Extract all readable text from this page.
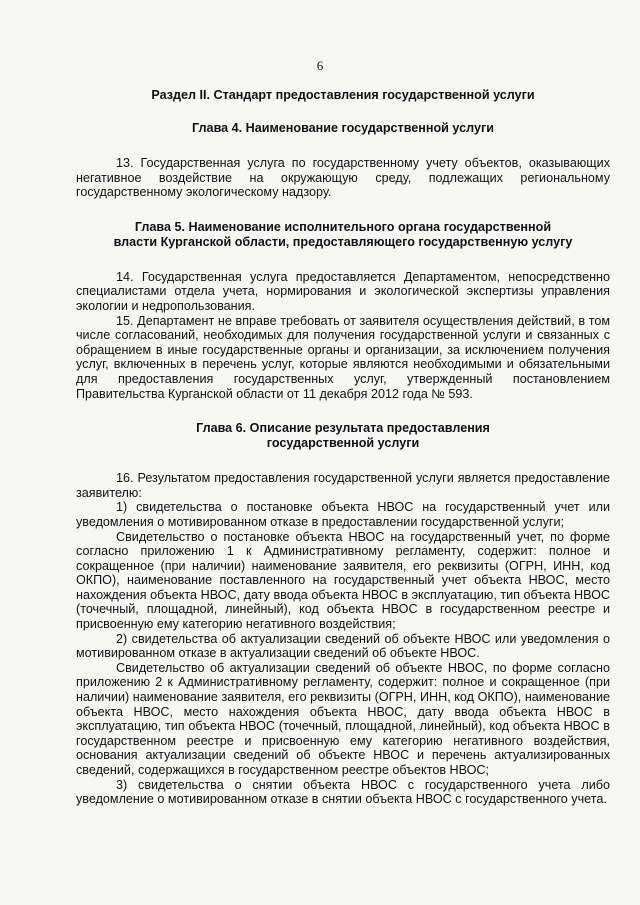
6

Раздел II. Стандарт предоставления государственной услуги

Глава 4. Наименование государственной услуги

13. Государственная услуга по государственному учету объектов, оказывающих негативное воздействие на окружающую среду, подлежащих региональному государственному экологическому надзору.

Глава 5. Наименование исполнительного органа государственной

власти Курганской области, предоставляющего государственную услугу

14. Государственная услуга предоставляется Департаментом, непосредственно специалистами отдела учета, нормирования и экологической экспертизы управления экологии и недропользования.

15. Департамент не вправе требовать от заявителя осуществления действий, в том числе согласований, необходимых для получения государственной услуги и связанных с обращением в иные государственные органы и организации, за исключением получения услуг, включенных в перечень услуг, которые являются необходимыми и обязательными для предоставления государственных услуг, утвержденный постановлением Правительства Курганской области от 11 декабря 2012 года № 593.

Глава 6. Описание результата предоставления

государственной услуги

16. Результатом предоставления государственной услуги является предоставление заявителю:

1) свидетельства о постановке объекта НВОС на государственный учет или уведомления о мотивированном отказе в предоставлении государственной услуги;

Свидетельство о постановке объекта НВОС на государственный учет, по форме согласно приложению 1 к Административному регламенту, содержит: полное и сокращенное (при наличии) наименование заявителя, его реквизиты (ОГРН, ИНН, код ОКПО), наименование поставленного на государственный учет объекта НВОС, место нахождения объекта НВОС, дату ввода объекта НВОС в эксплуатацию, тип объекта НВОС (точечный, площадной, линейный), код объекта НВОС в государственном реестре и присвоенную ему категорию негативного воздействия;

2) свидетельства об актуализации сведений об объекте НВОС или уведомления о мотивированном отказе в актуализации сведений об объекте НВОС.

Свидетельство об актуализации сведений об объекте НВОС, по форме согласно приложению 2 к Административному регламенту, содержит: полное и сокращенное (при наличии) наименование заявителя, его реквизиты (ОГРН, ИНН, код ОКПО), наименование объекта НВОС, место нахождения объекта НВОС, дату ввода объекта НВОС в эксплуатацию, тип объекта НВОС (точечный, площадной, линейный), код объекта НВОС в государственном реестре и присвоенную ему категорию негативного воздействия, основания актуализации сведений об объекте НВОС и перечень актуализированных сведений, содержащихся в государственном реестре объектов НВОС;

3) свидетельства о снятии объекта НВОС с государственного учета либо уведомление о мотивированном отказе в снятии объекта НВОС с государственного учета.
